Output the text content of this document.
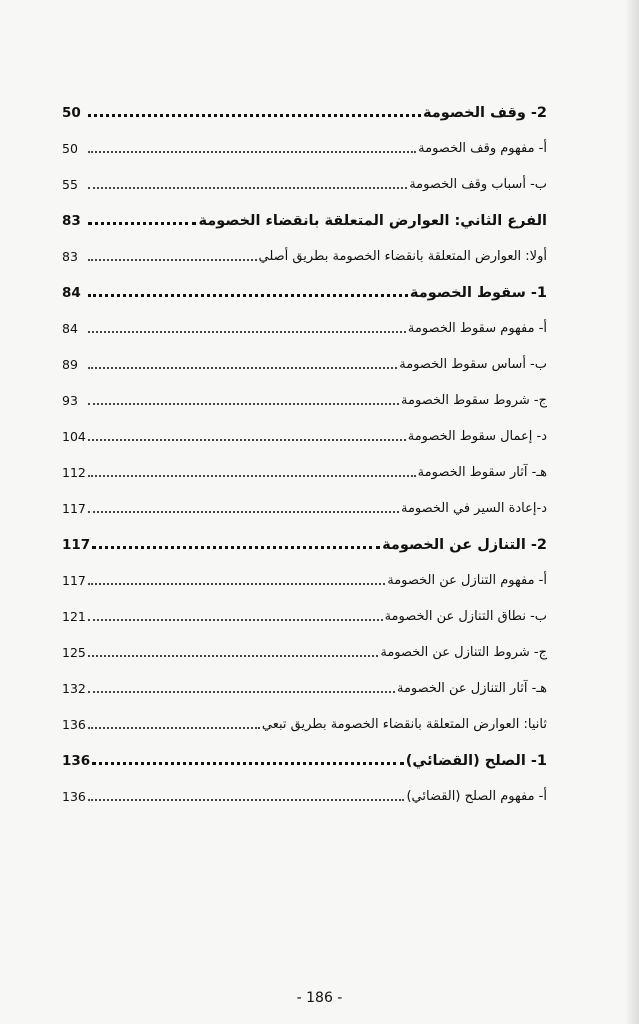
50	2- وقف الخصومة
50	أ- مفهوم وقف الخصومة
55	ب- أسباب وقف الخصومة
83	الفرع الثاني: العوارض المتعلقة بانقضاء الخصومة
83	أولا: العوارض المتعلقة بانقضاء الخصومة بطريق أصلي
84	1- سقوط الخصومة
84	أ- مفهوم سقوط الخصومة
89	ب- أساس سقوط الخصومة
93	ج- شروط سقوط الخصومة
104	د- إعمال سقوط الخصومة
112	هـ- آثار سقوط الخصومة
117	د-إعادة السير في الخصومة
117	2- التنازل عن الخصومة
117	أ- مفهوم التنازل عن الخصومة
121	ب- نطاق التنازل عن الخصومة
125	ج- شروط التنازل عن الخصومة
132	هـ- آثار التنازل عن الخصومة
136	ثانيا: العوارض المتعلقة بانقضاء الخصومة بطريق تبعي
136	1- الصلح (القضائي)
136	أ- مفهوم الصلح (القضائي)
- 186 -
